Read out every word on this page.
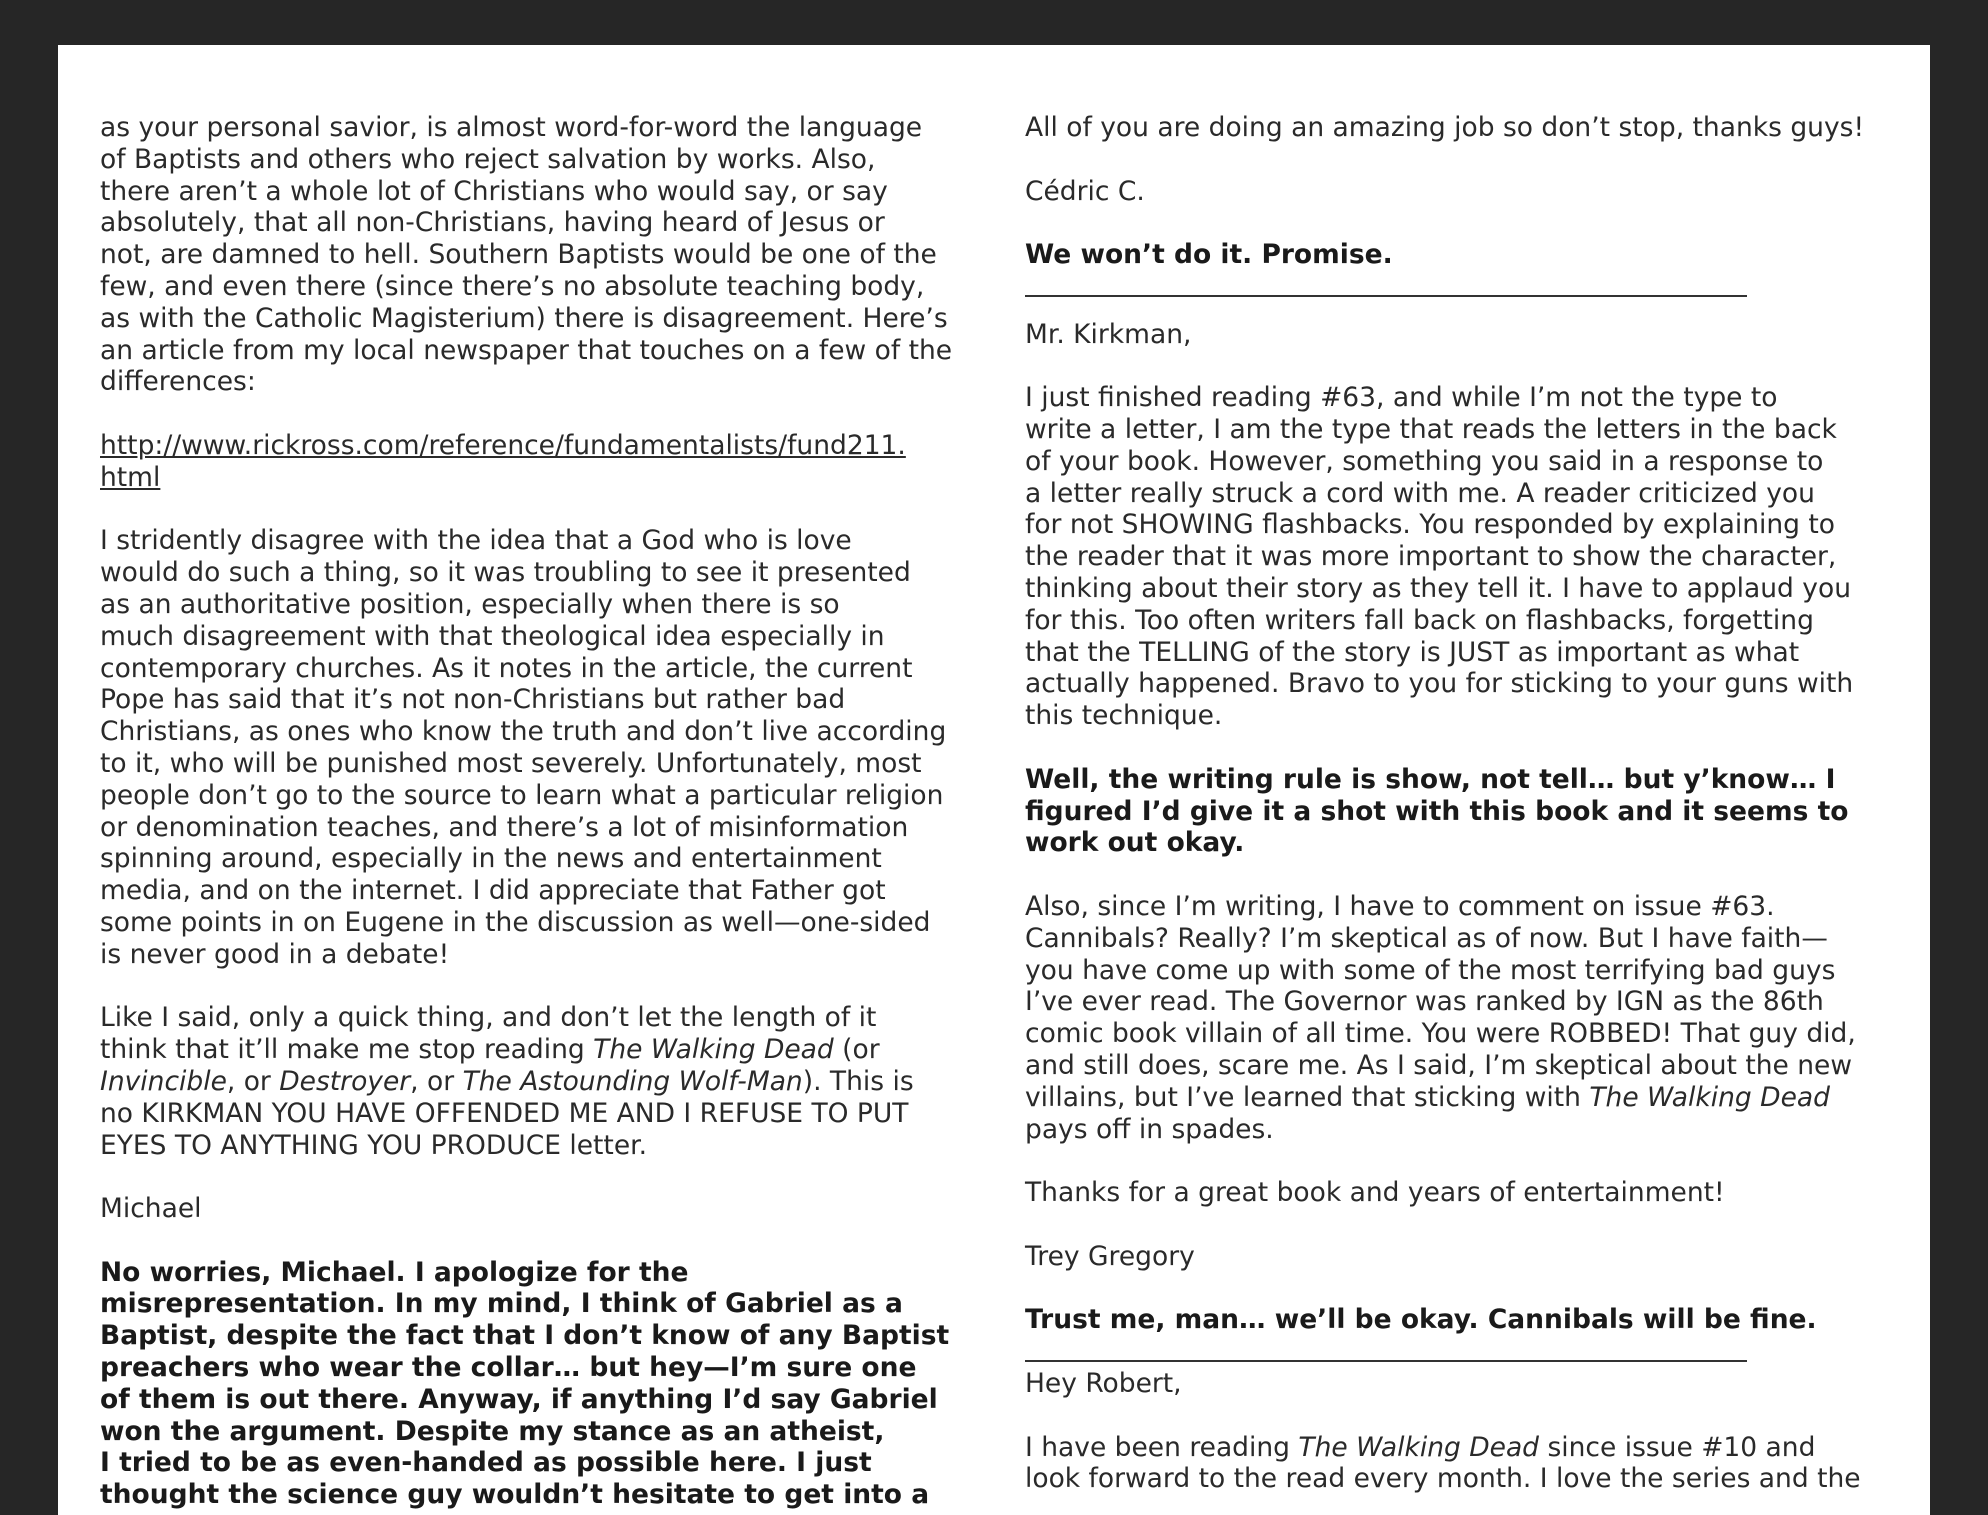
as your personal savior, is almost word-for-word the language
of Baptists and others who reject salvation by works. Also,
there aren’t a whole lot of Christians who would say, or say
absolutely, that all non-Christians, having heard of Jesus or
not, are damned to hell. Southern Baptists would be one of the
few, and even there (since there’s no absolute teaching body,
as with the Catholic Magisterium) there is disagreement. Here’s
an article from my local newspaper that touches on a few of the
differences:
http://www.rickross.com/reference/fundamentalists/fund211.
html
I stridently disagree with the idea that a God who is love
would do such a thing, so it was troubling to see it presented
as an authoritative position, especially when there is so
much disagreement with that theological idea especially in
contemporary churches. As it notes in the article, the current
Pope has said that it’s not non-Christians but rather bad
Christians, as ones who know the truth and don’t live according
to it, who will be punished most severely. Unfortunately, most
people don’t go to the source to learn what a particular religion
or denomination teaches, and there’s a lot of misinformation
spinning around, especially in the news and entertainment
media, and on the internet. I did appreciate that Father got
some points in on Eugene in the discussion as well—one-sided
is never good in a debate!
Like I said, only a quick thing, and don’t let the length of it
think that it’ll make me stop reading The Walking Dead (or
Invincible, or Destroyer, or The Astounding Wolf-Man). This is
no KIRKMAN YOU HAVE OFFENDED ME AND I REFUSE TO PUT
EYES TO ANYTHING YOU PRODUCE letter.
Michael
No worries, Michael. I apologize for the
misrepresentation. In my mind, I think of Gabriel as a
Baptist, despite the fact that I don’t know of any Baptist
preachers who wear the collar… but hey—I’m sure one
of them is out there. Anyway, if anything I’d say Gabriel
won the argument. Despite my stance as an atheist,
I tried to be as even-handed as possible here. I just
thought the science guy wouldn’t hesitate to get into a
All of you are doing an amazing job so don’t stop, thanks guys!
Cédric C.
We won’t do it. Promise.
Mr. Kirkman,
I just finished reading #63, and while I’m not the type to
write a letter, I am the type that reads the letters in the back
of your book. However, something you said in a response to
a letter really struck a cord with me. A reader criticized you
for not SHOWING flashbacks. You responded by explaining to
the reader that it was more important to show the character,
thinking about their story as they tell it. I have to applaud you
for this. Too often writers fall back on flashbacks, forgetting
that the TELLING of the story is JUST as important as what
actually happened. Bravo to you for sticking to your guns with
this technique.
Well, the writing rule is show, not tell… but y’know… I
figured I’d give it a shot with this book and it seems to
work out okay.
Also, since I’m writing, I have to comment on issue #63.
Cannibals? Really? I’m skeptical as of now. But I have faith—
you have come up with some of the most terrifying bad guys
I’ve ever read. The Governor was ranked by IGN as the 86th
comic book villain of all time. You were ROBBED! That guy did,
and still does, scare me. As I said, I’m skeptical about the new
villains, but I’ve learned that sticking with The Walking Dead
pays off in spades.
Thanks for a great book and years of entertainment!
Trey Gregory
Trust me, man… we’ll be okay. Cannibals will be fine.
Hey Robert,
I have been reading The Walking Dead since issue #10 and
look forward to the read every month. I love the series and the
